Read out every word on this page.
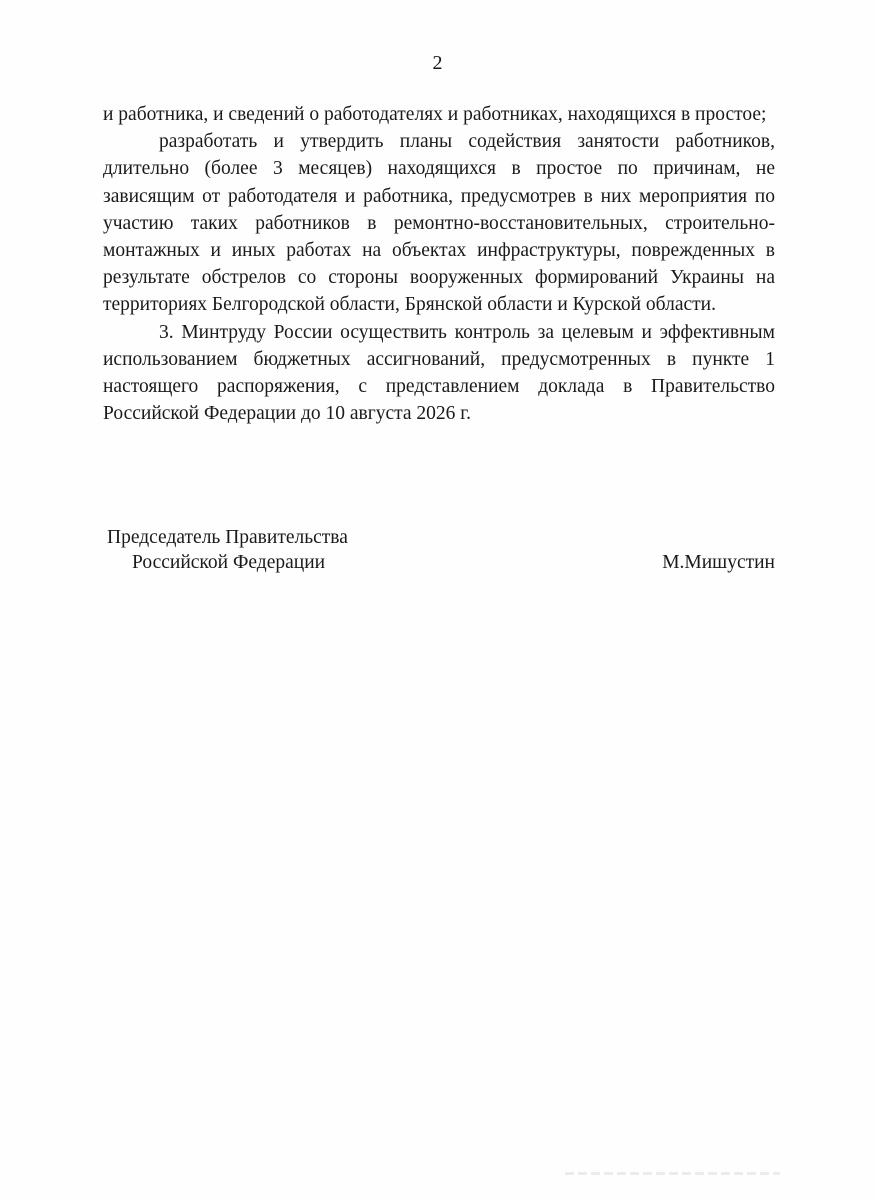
2

и работника, и сведений о работодателях и работниках, находящихся в простое;

разработать и утвердить планы содействия занятости работников, длительно (более 3 месяцев) находящихся в простое по причинам, не зависящим от работодателя и работника, предусмотрев в них мероприятия по участию таких работников в ремонтно-восстановительных, строительно-монтажных и иных работах на объектах инфраструктуры, поврежденных в результате обстрелов со стороны вооруженных формирований Украины на территориях Белгородской области, Брянской области и Курской области.

3. Минтруду России осуществить контроль за целевым и эффективным использованием бюджетных ассигнований, предусмотренных в пункте 1 настоящего распоряжения, с представлением доклада в Правительство Российской Федерации до 10 августа 2026 г.

Председатель Правительства
Российской Федерации	М.Мишустин
